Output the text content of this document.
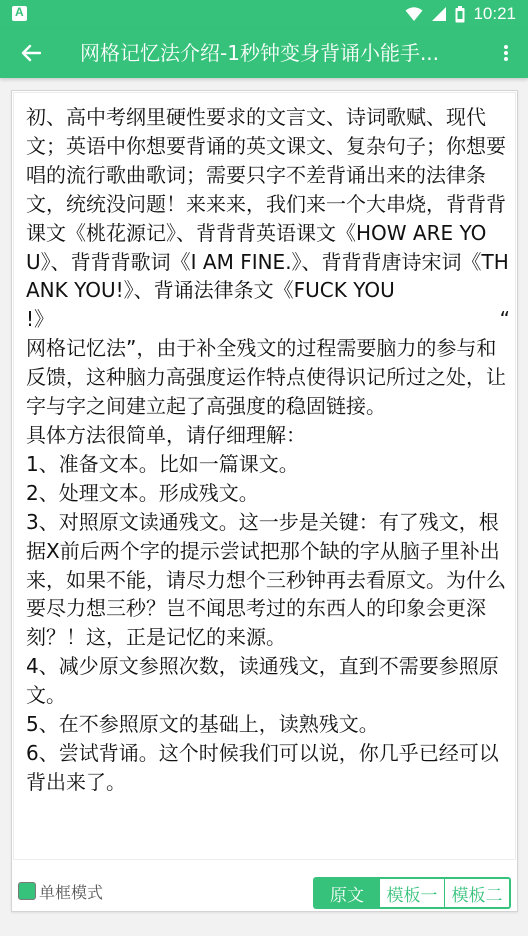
A
10:21
网格记忆法介绍-1秒钟变身背诵小能手...

初、高中考纲里硬性要求的文言文、诗词歌赋、现代文；英语中你想要背诵的英文课文、复杂句子；你想要唱的流行歌曲歌词；需要只字不差背诵出来的法律条文，统统没问题！来来来，我们来一个大串烧，背背背课文《桃花源记》、背背背英语课文《HOW ARE YOU》、背背背歌词《I AM FINE.》、背背背唐诗宋词《THANK YOU!》、背诵法律条文《FUCK YOU

!》	“

网格记忆法”，由于补全残文的过程需要脑力的参与和反馈，这种脑力高强度运作特点使得识记所过之处，让字与字之间建立起了高强度的稳固链接。

具体方法很简单，请仔细理解：

1、准备文本。比如一篇课文。

2、处理文本。形成残文。

3、对照原文读通残文。这一步是关键：有了残文，根据X前后两个字的提示尝试把那个缺的字从脑子里补出来，如果不能，请尽力想个三秒钟再去看原文。为什么要尽力想三秒？岂不闻思考过的东西人的印象会更深刻？！这，正是记忆的来源。

4、减少原文参照次数，读通残文，直到不需要参照原文。

5、在不参照原文的基础上，读熟残文。

6、尝试背诵。这个时候我们可以说，你几乎已经可以背出来了。

单框模式	原文	模板一 模板二
